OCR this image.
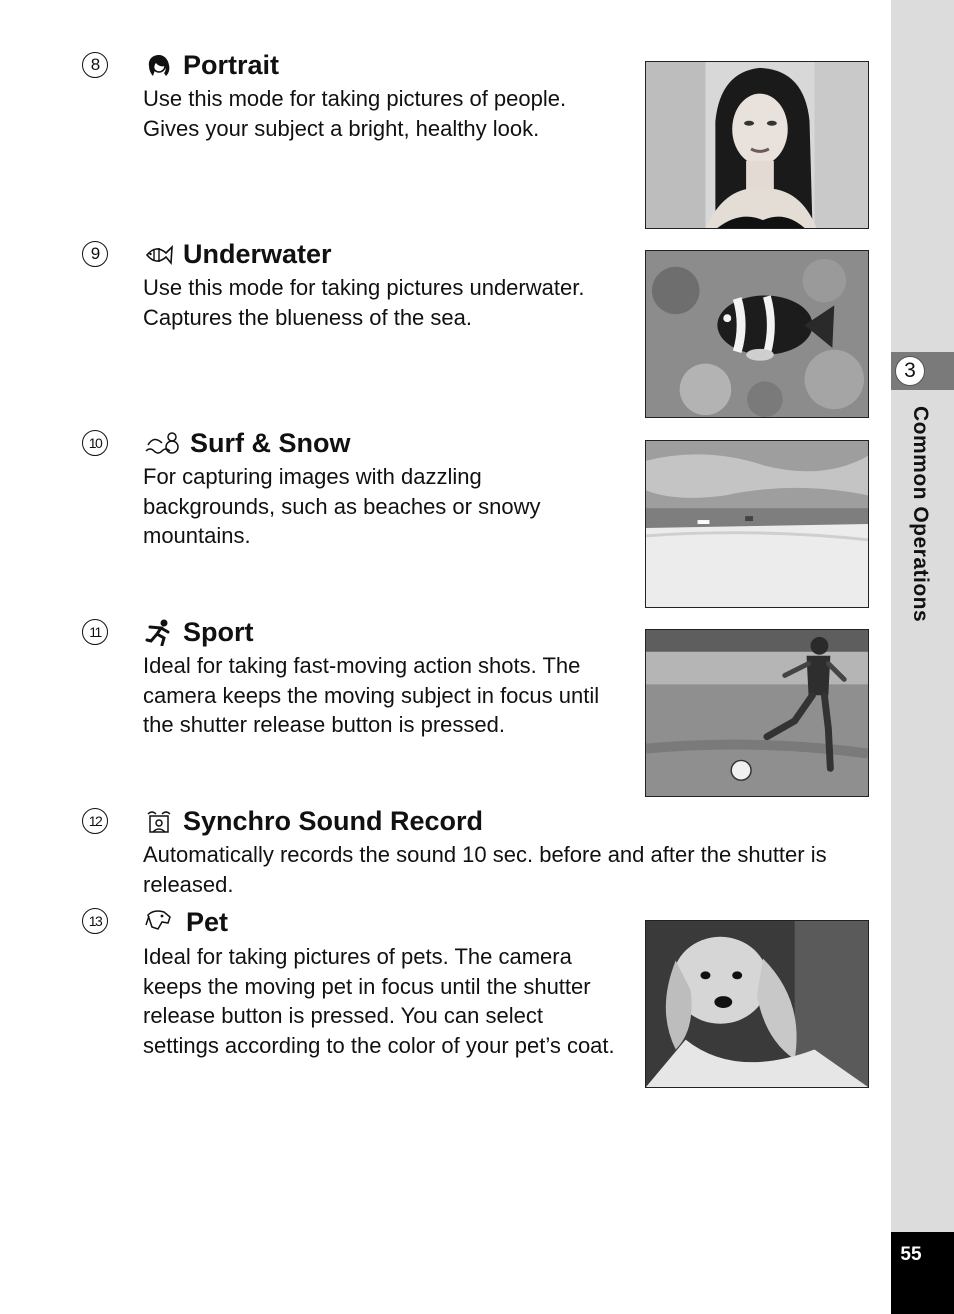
8	Portrait

Use this mode for taking pictures of people. Gives your subject a bright, healthy look.

9	Underwater

Use this mode for taking pictures underwater. Captures the blueness of the sea.

10	Surf & Snow

For capturing images with dazzling backgrounds, such as beaches or snowy mountains.

11	Sport

Ideal for taking fast-moving action shots. The camera keeps the moving subject in focus until the shutter release button is pressed.

12	Synchro Sound Record

Automatically records the sound 10 sec. before and after the shutter is released.

13	Pet

Ideal for taking pictures of pets. The camera keeps the moving pet in focus until the shutter release button is pressed. You can select settings according to the color of your pet’s coat.

3
Common Operations
55
